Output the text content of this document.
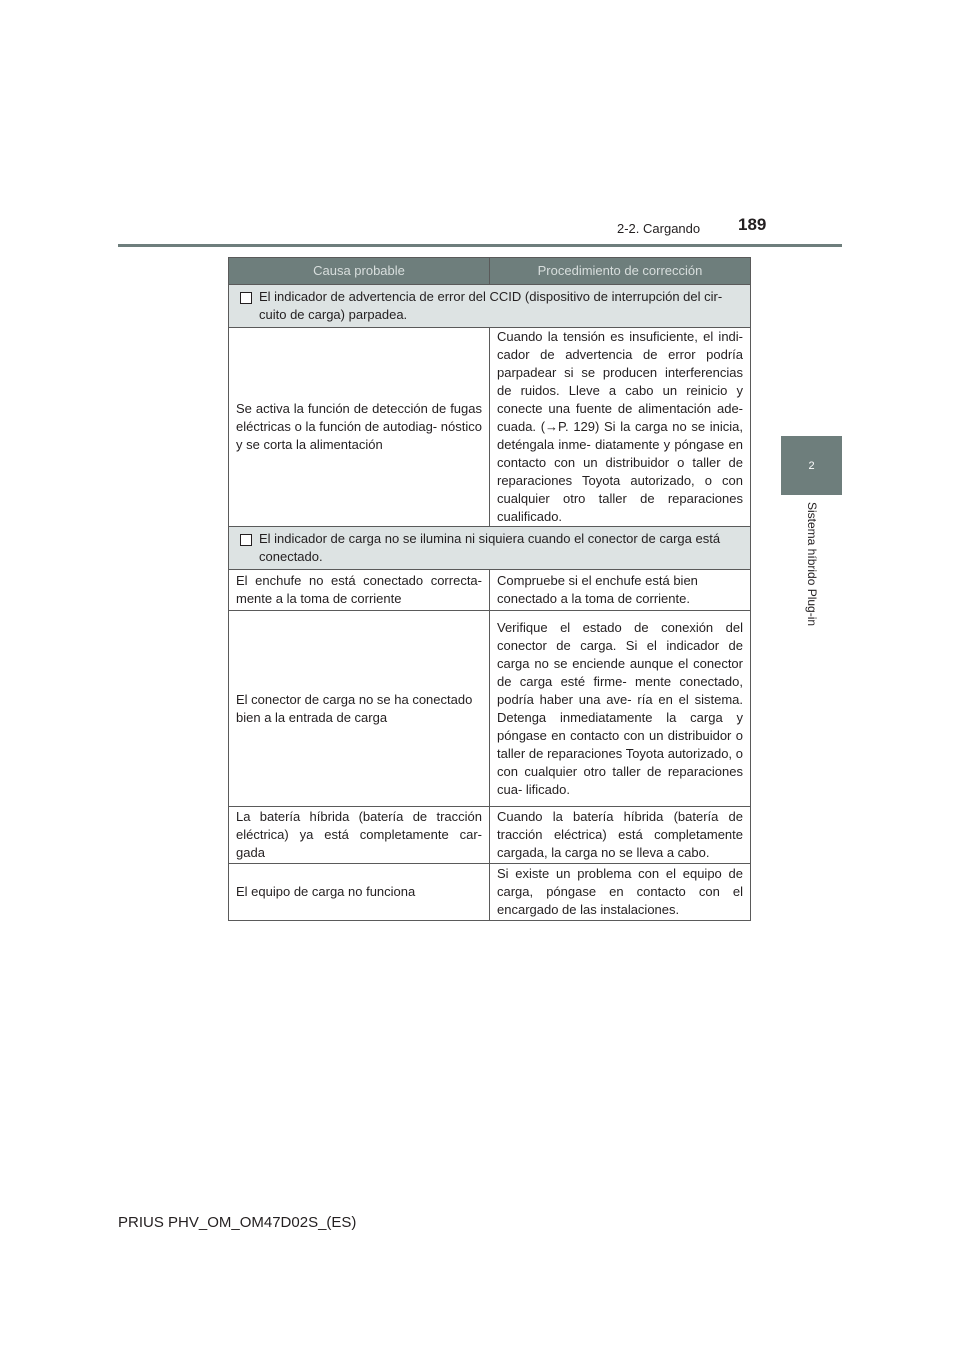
2-2. Cargando 189
2
Sistema híbrido Plug-in
Causa probable	Procedimiento de corrección

El indicador de advertencia de error del CCID (dispositivo de interrupción del cir- cuito de carga) parpadea.	

Se activa la función de detección de fugas eléctricas o la función de autodiag- nóstico y se corta la alimentación	Cuando la tensión es insuficiente, el indi- cador de advertencia de error podría parpadear si se producen interferencias de ruidos. Lleve a cabo un reinicio y conecte una fuente de alimentación ade- cuada. (→P. 129) Si la carga no se inicia, deténgala inme- diatamente y póngase en contacto con un distribuidor o taller de reparaciones Toyota autorizado, o con cualquier otro taller de reparaciones cualificado.

El indicador de carga no se ilumina ni siquiera cuando el conector de carga está conectado.	

El enchufe no está conectado correcta- mente a la toma de corriente	Compruebe si el enchufe está bien conectado a la toma de corriente.
El conector de carga no se ha conectado bien a la entrada de carga	Verifique el estado de conexión del conector de carga. Si el indicador de carga no se enciende aunque el conector de carga esté firme- mente conectado, podría haber una ave- ría en el sistema. Detenga inmediatamente la carga y póngase en contacto con un distribuidor o taller de reparaciones Toyota autorizado, o con cualquier otro taller de reparaciones cua- lificado.
La batería híbrida (batería de tracción eléctrica) ya está completamente car- gada	Cuando la batería híbrida (batería de tracción eléctrica) está completamente cargada, la carga no se lleva a cabo.
El equipo de carga no funciona	Si existe un problema con el equipo de carga, póngase en contacto con el encargado de las instalaciones.
PRIUS PHV_OM_OM47D02S_(ES)
